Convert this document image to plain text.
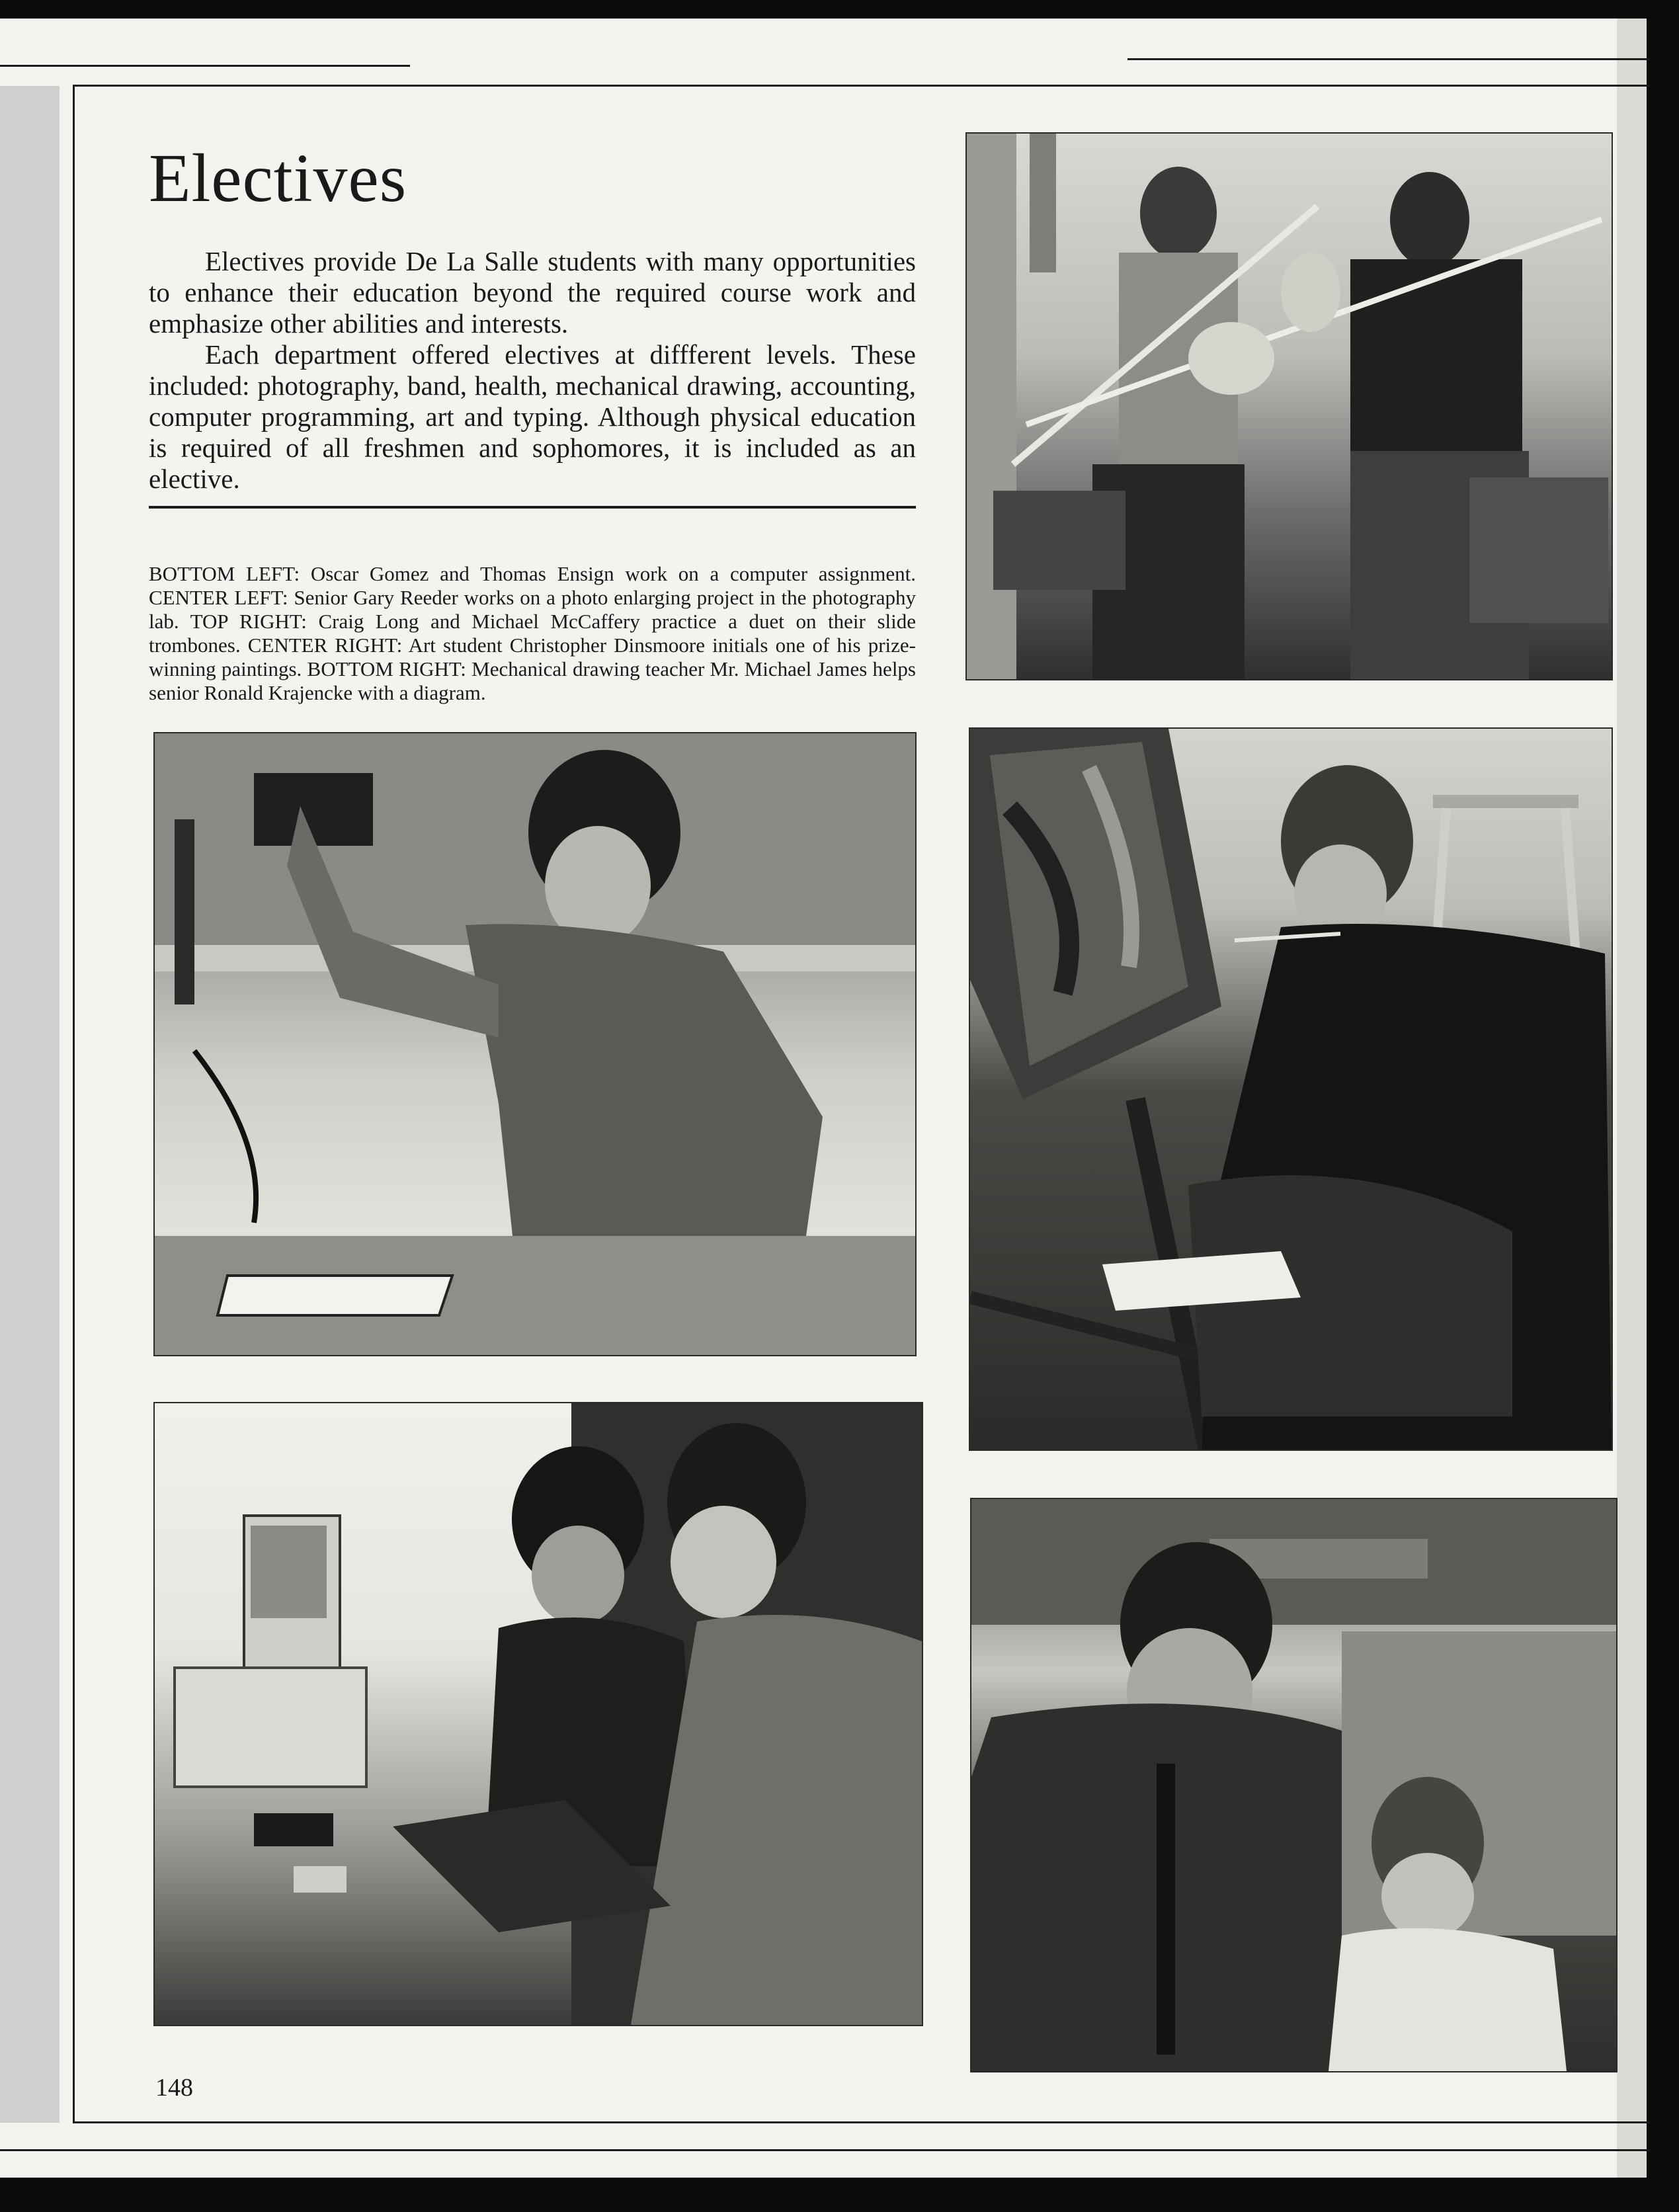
Electives

Electives provide De La Salle students with many opportunities to enhance their education beyond the required course work and emphasize other abilities and interests.

Each department offered electives at diffferent levels. These included: photography, band, health, mechanical drawing, accounting, computer programming, art and typing. Although physical education is required of all freshmen and sophomores, it is included as an elective.

BOTTOM LEFT: Oscar Gomez and Thomas Ensign work on a computer assignment. CENTER LEFT: Senior Gary Reeder works on a photo enlarging project in the photography lab. TOP RIGHT: Craig Long and Michael McCaffery practice a duet on their slide trombones. CENTER RIGHT: Art student Christopher Dinsmoore initials one of his prize-winning paintings. BOTTOM RIGHT: Mechanical drawing teacher Mr. Michael James helps senior Ronald Krajencke with a diagram.
148
